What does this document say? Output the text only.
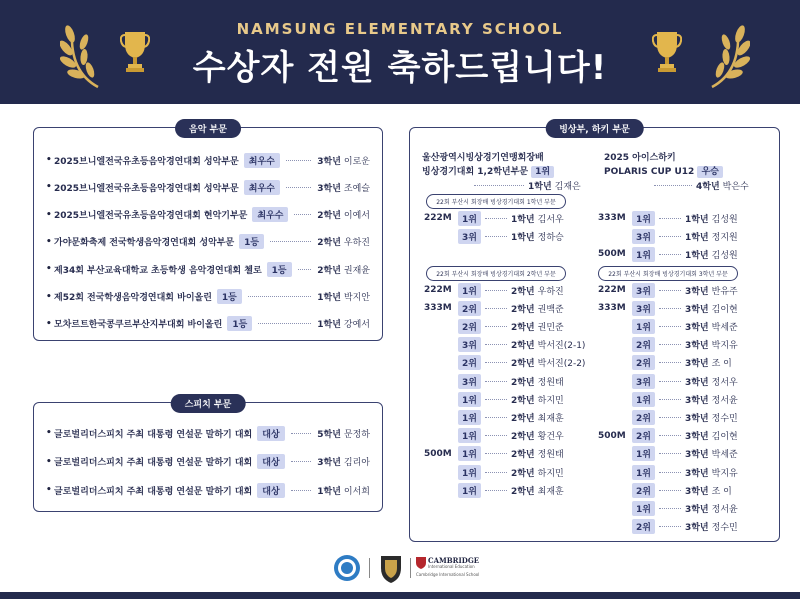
NAMSUNG ELEMENTARY SCHOOL
수상자 전원 축하드립니다!
음악 부문
• 2025브니엘전국유초등음악경연대회 성악부문	최우수	3학년 이로운
• 2025브니엘전국유초등음악경연대회 성악부문	최우수	3학년 조예슬
• 2025브니엘전국유초등음악경연대회 현악기부문	최우수	2학년 이예서
• 가야문화축제 전국학생음악경연대회 성악부문	1등	2학년 우하진
• 제34회 부산교육대학교 초등학생 음악경연대회 첼로	1등	2학년 권재윤
• 제52회 전국학생음악경연대회 바이올린	1등	1학년 박지안
• 모차르트한국콩쿠르부산지부대회 바이올린	1등	1학년 강예서
스피치 부문
• 글로벌리더스피치 주최 대통령 연설문 말하기 대회	대상	5학년 문정하
• 글로벌리더스피치 주최 대통령 연설문 말하기 대회	대상	3학년 김리아
• 글로벌리더스피치 주최 대통령 연설문 말하기 대회	대상	1학년 이서희
빙상부, 하키 부문
울산광역시빙상경기연맹회장배
빙상경기대회 1,2학년부문 1위
1학년 김재은
2025 아이스하키
POLARIS CUP U12 우승
4학년 박은수
22회 부산시 회장배 빙상경기대회 1학년 부문
222M	1위	1학년 김서우
3위	1학년 정하승
333M	1위	1학년 김성원
3위	1학년 정지원
500M	1위	1학년 김성원
22회 부산시 회장배 빙상경기대회 2학년 부문	22회 부산시 회장배 빙상경기대회 3학년 부문
222M	1위	2학년 우하진
333M	2위	2학년 권백준
2위	2학년 권민준
3위	2학년 박서진(2-1)
2위	2학년 박서진(2-2)
3위	2학년 정원태
1위	2학년 하지민
1위	2학년 최재훈
1위	2학년 황건우
500M	1위	2학년 정원태
1위	2학년 하지민
1위	2학년 최재훈
222M	3위	3학년 반유주
333M	3위	3학년 김이현
1위	3학년 박세준
2위	3학년 박지유
2위	3학년 조 이
3위	3학년 정서우
1위	3학년 정서윤
2위	3학년 정수민
500M	2위	3학년 김이현
1위	3학년 박세준
1위	3학년 박지유
2위	3학년 조 이
1위	3학년 정서윤
2위	3학년 정수민
CAMBRIDGE
International Education
Cambridge International School
